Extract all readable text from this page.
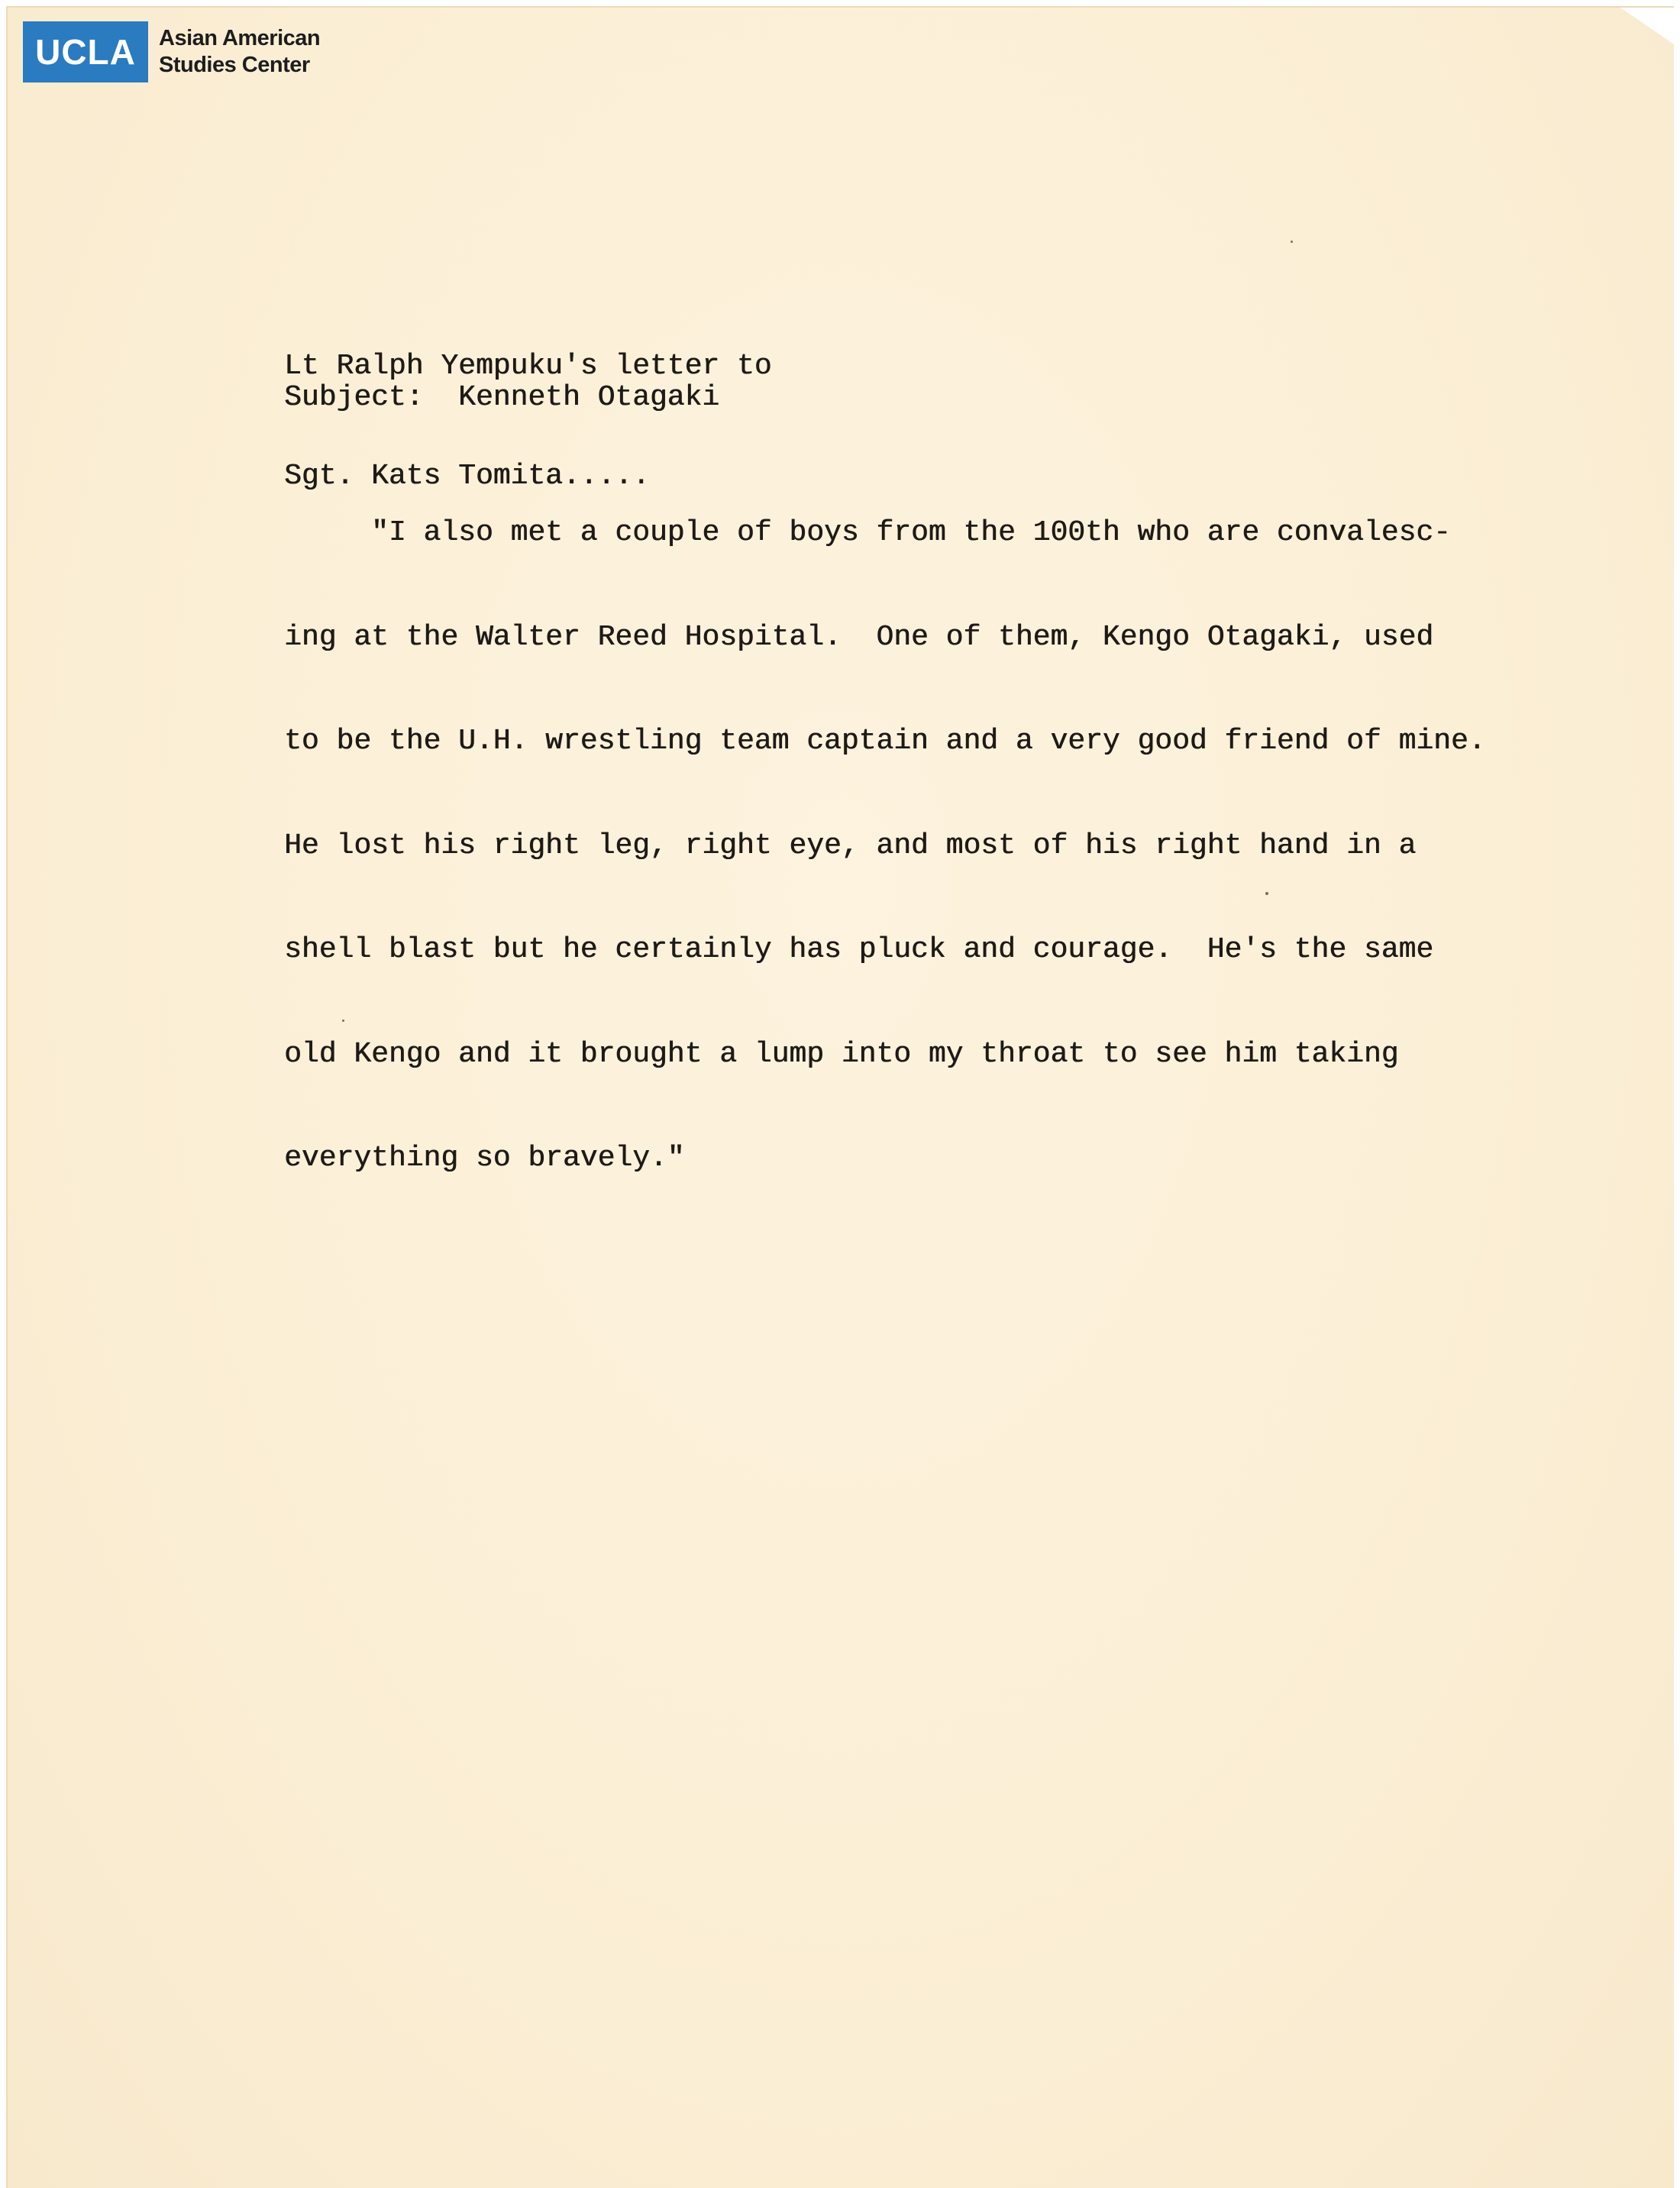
UCLA	Asian American
Studies Center

Lt Ralph Yempuku's letter to

Sgt. Kats Tomita.....

Subject:  Kenneth Otagaki

"I also met a couple of boys from the 100th who are convalesc-

ing at the Walter Reed Hospital.  One of them, Kengo Otagaki, used

to be the U.H. wrestling team captain and a very good friend of mine.

He lost his right leg, right eye, and most of his right hand in a

shell blast but he certainly has pluck and courage.  He's the same

old Kengo and it brought a lump into my throat to see him taking

everything so bravely."
